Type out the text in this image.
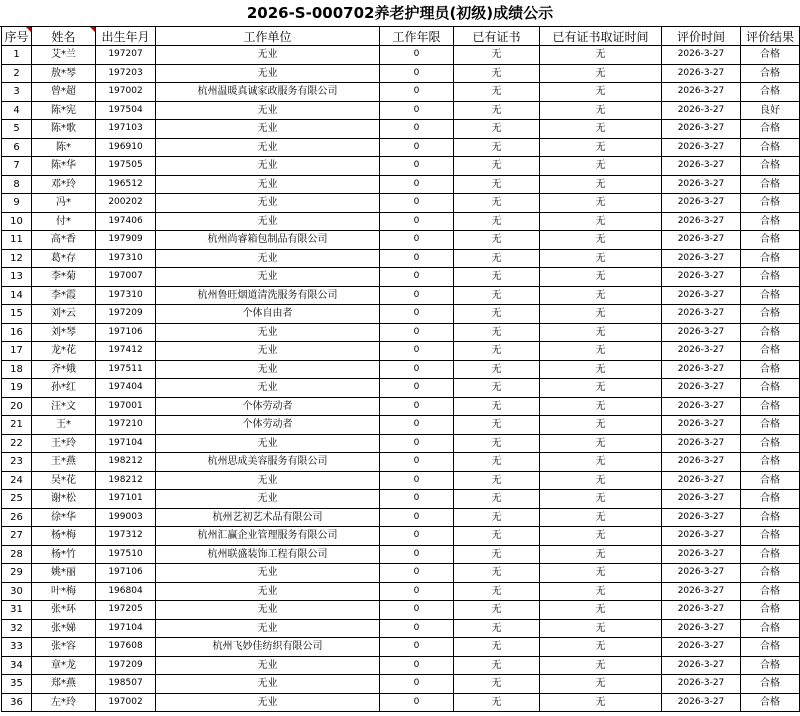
2026-S-000702养老护理员(初级)成绩公示
序号	姓名	出生年月	工作单位	工作年限	已有证书	已有证书取证时间	评价时间	评价结果
1	艾*兰	197207	无业	0	无	无	2026-3-27	合格
2	敖*琴	197203	无业	0	无	无	2026-3-27	合格
3	曾*超	197002	杭州温暖真诚家政服务有限公司	0	无	无	2026-3-27	合格
4	陈*宪	197504	无业	0	无	无	2026-3-27	良好
5	陈*歌	197103	无业	0	无	无	2026-3-27	合格
6	陈*	196910	无业	0	无	无	2026-3-27	合格
7	陈*华	197505	无业	0	无	无	2026-3-27	合格
8	邓*玲	196512	无业	0	无	无	2026-3-27	合格
9	冯*	200202	无业	0	无	无	2026-3-27	合格
10	付*	197406	无业	0	无	无	2026-3-27	合格
11	高*香	197909	杭州尚睿箱包制品有限公司	0	无	无	2026-3-27	合格
12	葛*存	197310	无业	0	无	无	2026-3-27	合格
13	李*菊	197007	无业	0	无	无	2026-3-27	合格
14	李*霞	197310	杭州鲁旺烟道清洗服务有限公司	0	无	无	2026-3-27	合格
15	刘*云	197209	个体自由者	0	无	无	2026-3-27	合格
16	刘*琴	197106	无业	0	无	无	2026-3-27	合格
17	龙*花	197412	无业	0	无	无	2026-3-27	合格
18	齐*娥	197511	无业	0	无	无	2026-3-27	合格
19	孙*红	197404	无业	0	无	无	2026-3-27	合格
20	汪*文	197001	个体劳动者	0	无	无	2026-3-27	合格
21	王*	197210	个体劳动者	0	无	无	2026-3-27	合格
22	王*玲	197104	无业	0	无	无	2026-3-27	合格
23	王*燕	198212	杭州思成美容服务有限公司	0	无	无	2026-3-27	合格
24	吴*花	198212	无业	0	无	无	2026-3-27	合格
25	谢*松	197101	无业	0	无	无	2026-3-27	合格
26	徐*华	199003	杭州艺初艺术品有限公司	0	无	无	2026-3-27	合格
27	杨*梅	197312	杭州汇赢企业管理服务有限公司	0	无	无	2026-3-27	合格
28	杨*竹	197510	杭州联盛装饰工程有限公司	0	无	无	2026-3-27	合格
29	姚*丽	197106	无业	0	无	无	2026-3-27	合格
30	叶*梅	196804	无业	0	无	无	2026-3-27	合格
31	张*环	197205	无业	0	无	无	2026-3-27	合格
32	张*娣	197104	无业	0	无	无	2026-3-27	合格
33	张*容	197608	杭州飞妙佳纺织有限公司	0	无	无	2026-3-27	合格
34	章*龙	197209	无业	0	无	无	2026-3-27	合格
35	郑*燕	198507	无业	0	无	无	2026-3-27	合格
36	左*玲	197002	无业	0	无	无	2026-3-27	合格
